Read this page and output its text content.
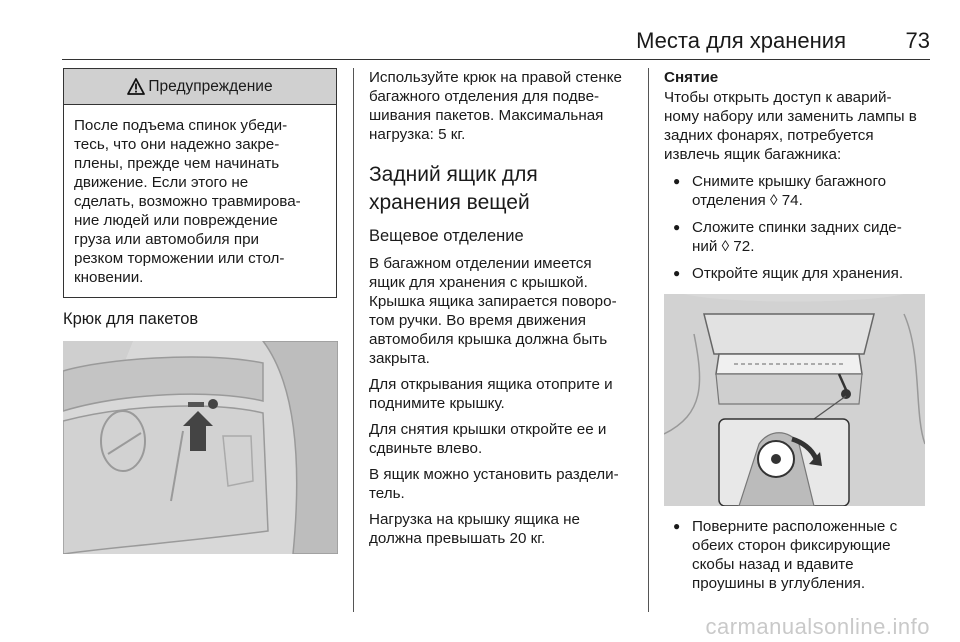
Места для хранения	73
Предупреждение
После подъема спинок убеди-
тесь, что они надежно закре-
плены, прежде чем начинать
движение. Если этого не
сделать, возможно травмирова-
ние людей или повреждение
груза или автомобиля при
резком торможении или стол-
кновении.
Крюк для пакетов
Используйте крюк на правой стенке
багажного отделения для подве-
шивания пакетов. Максимальная
нагрузка: 5 кг.
Задний ящик для
хранения вещей
Вещевое отделение
В багажном отделении имеется
ящик для хранения с крышкой.
Крышка ящика запирается поворо-
том ручки. Во время движения
автомобиля крышка должна быть
закрыта.
Для открывания ящика отоприте и
поднимите крышку.
Для снятия крышки откройте ее и
сдвиньте влево.
В ящик можно установить раздели-
тель.
Нагрузка на крышку ящика не
должна превышать 20 кг.
Снятие
Чтобы открыть доступ к аварий-
ному набору или заменить лампы в
задних фонарях, потребуется
извлечь ящик багажника:
● Снимите крышку багажного
отделения ◊ 74.
● Сложите спинки задних сиде-
ний ◊ 72.
● Откройте ящик для хранения.
● Поверните расположенные с
обеих сторон фиксирующие
скобы назад и вдавите
проушины в углубления.
carmanualsonline.info
